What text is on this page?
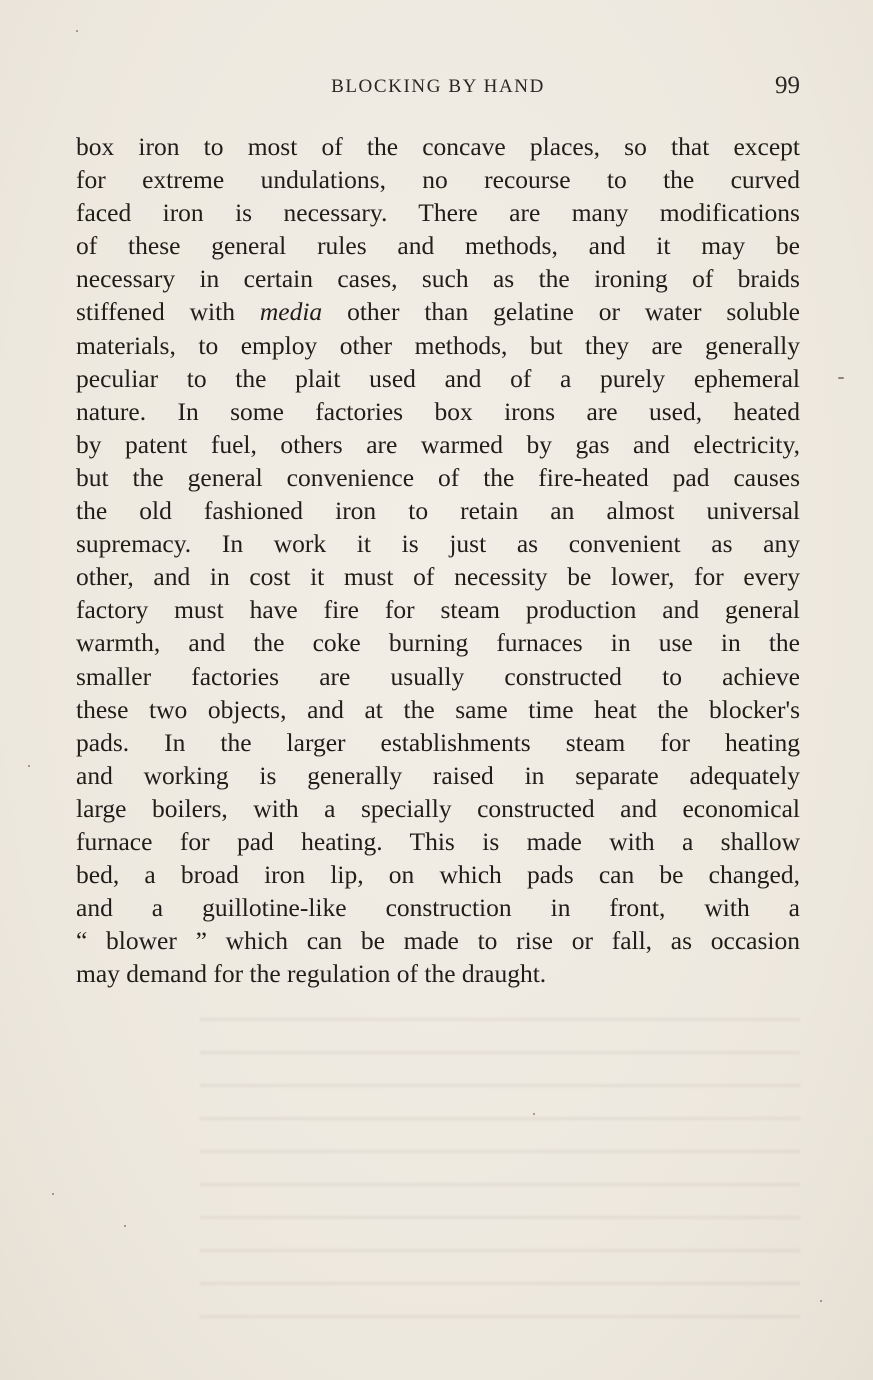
BLOCKING BY HAND	99
box iron to most of the concave places, so that except
for extreme undulations, no recourse to the curved
faced iron is necessary. There are many modifications
of these general rules and methods, and it may be
necessary in certain cases, such as the ironing of braids
stiffened with media other than gelatine or water soluble
materials, to employ other methods, but they are generally
peculiar to the plait used and of a purely ephemeral
nature. In some factories box irons are used, heated
by patent fuel, others are warmed by gas and electricity,
but the general convenience of the fire-heated pad causes
the old fashioned iron to retain an almost universal
supremacy. In work it is just as convenient as any
other, and in cost it must of necessity be lower, for every
factory must have fire for steam production and general
warmth, and the coke burning furnaces in use in the
smaller factories are usually constructed to achieve
these two objects, and at the same time heat the blocker's
pads. In the larger establishments steam for heating
and working is generally raised in separate adequately
large boilers, with a specially constructed and economical
furnace for pad heating. This is made with a shallow
bed, a broad iron lip, on which pads can be changed,
and a guillotine-like construction in front, with a
“ blower ” which can be made to rise or fall, as occasion
may demand for the regulation of the draught.
